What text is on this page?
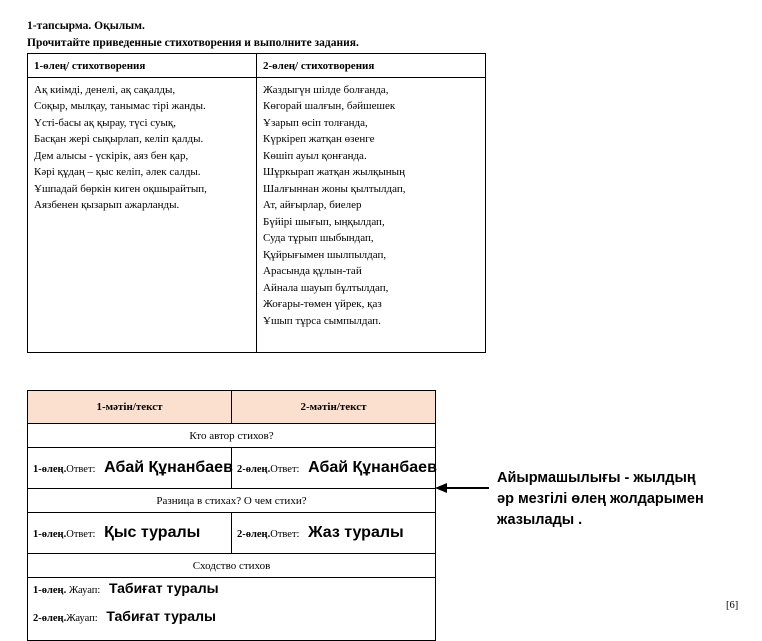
1-тапсырма. Оқылым.
Прочитайте приведенные стихотворения и выполните задания.
1-өлең/ стихотворения	2-өлең/ стихотворения

Ақ киімді, денелі, ақ сақалды,
Соқыр, мылқау, танымас тірі жанды.
Үсті-басы ақ қырау, түсі суық,
Басқан жері сықырлап, келіп қалды.
Дем алысы - үскірік, аяз бен қар,
Кәрі құдаң – қыс келіп, әлек салды.
Ұшпадай бөркін киген оқшырайтып,
Аязбенен қызарып ажарланды.

Жаздыгүн шілде болғанда,
Көгорай шалғын, бәйшешек
Ұзарып өсіп толғанда,
Күркіреп жатқан өзенге
Көшіп ауыл қонғанда.
Шұркырап жатқан жылқының
Шалғыннан жоны қылтылдап,
Ат, айғырлар, биелер
Бүйірі шығып, ыңқылдап,
Суда тұрып шыбындап,
Құйрығымен шылпылдап,
Арасында құлын-тай
Айнала шауып бұлтылдап,
Жоғары-төмен үйрек, қаз
Ұшып тұрса сымпылдап.
1-мәтін/текст	2-мәтін/текст
Кто автор стихов?	
1-өлең.Ответ: Абай Құнанбаев	2-өлең.Ответ: Абай Құнанбаев
Разница в стихах? О чем стихи?	
1-өлең.Ответ: Қыс туралы	2-өлең.Ответ: Жаз туралы
Сходство стихов	

1-өлең. Жауап: Табиғат туралы
2-өлең.Жауап: Табиғат туралы	
Айырмашылығы - жылдың
әр мезгілі өлең жолдарымен
жазылады .
[6]
